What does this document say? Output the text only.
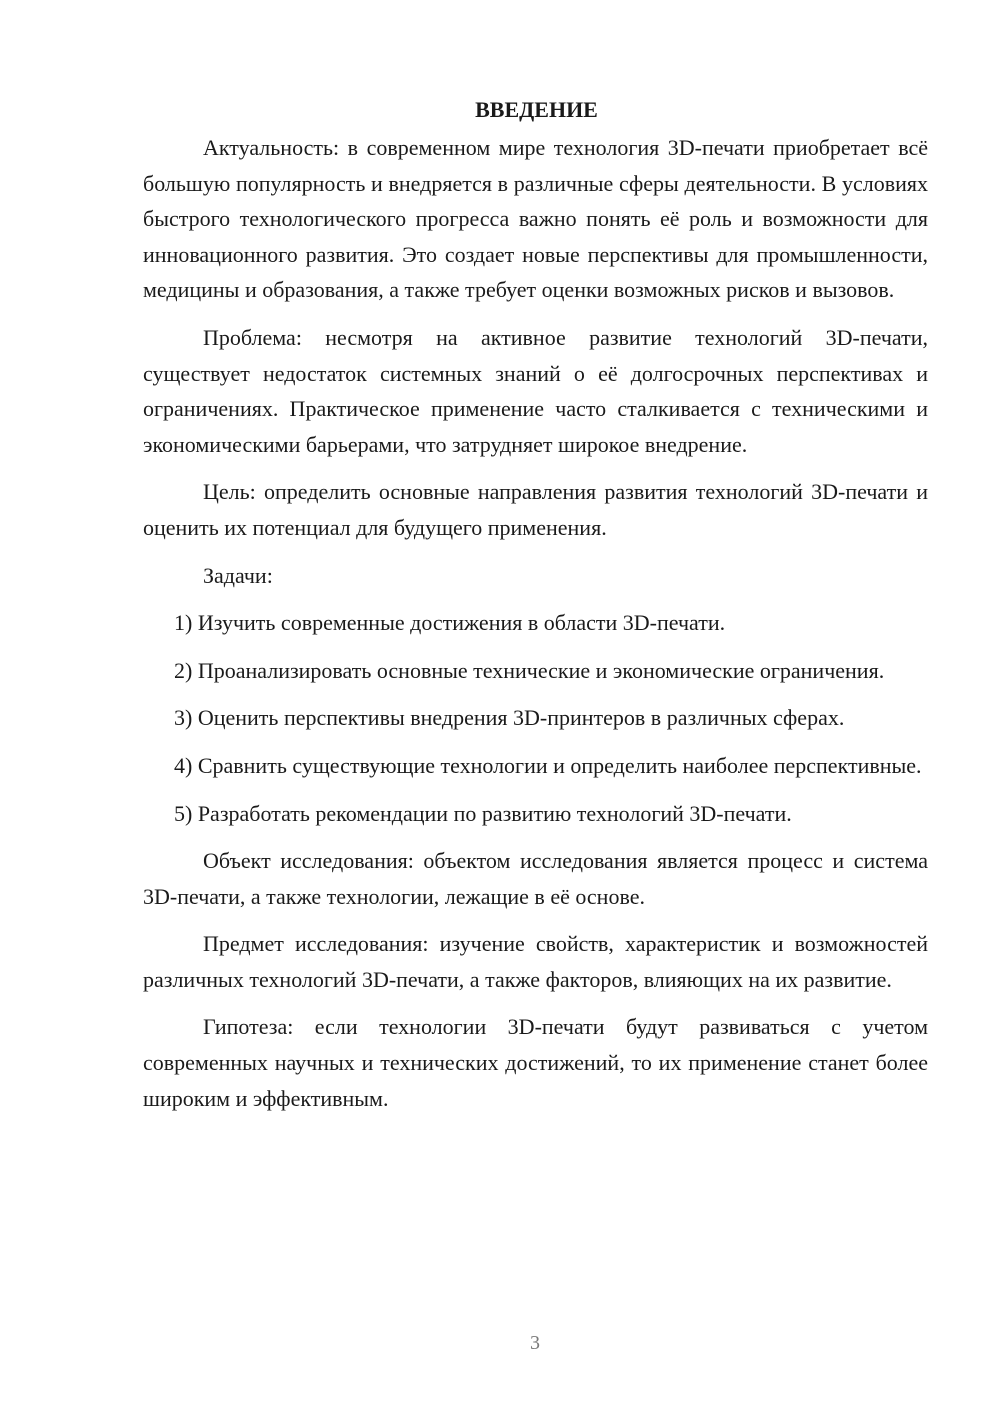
ВВЕДЕНИЕ

Актуальность: в современном мире технология 3D-печати приобретает всё большую популярность и внедряется в различные сферы деятельности. В условиях быстрого технологического прогресса важно понять её роль и возможности для инновационного развития. Это создает новые перспективы для промышленности, медицины и образования, а также требует оценки возможных рисков и вызовов.

Проблема: несмотря на активное развитие технологий 3D-печати, существует недостаток системных знаний о её долгосрочных перспективах и ограничениях. Практическое применение часто сталкивается с техническими и экономическими барьерами, что затрудняет широкое внедрение.

Цель: определить основные направления развития технологий 3D-печати и оценить их потенциал для будущего применения.

Задачи:

1) Изучить современные достижения в области 3D-печати.

2) Проанализировать основные технические и экономические ограничения.

3) Оценить перспективы внедрения 3D-принтеров в различных сферах.

4) Сравнить существующие технологии и определить наиболее перспективные.

5) Разработать рекомендации по развитию технологий 3D-печати.

Объект исследования: объектом исследования является процесс и система 3D-печати, а также технологии, лежащие в её основе.

Предмет исследования: изучение свойств, характеристик и возможностей различных технологий 3D-печати, а также факторов, влияющих на их развитие.

Гипотеза: если технологии 3D-печати будут развиваться с учетом современных научных и технических достижений, то их применение станет более широким и эффективным.

3
